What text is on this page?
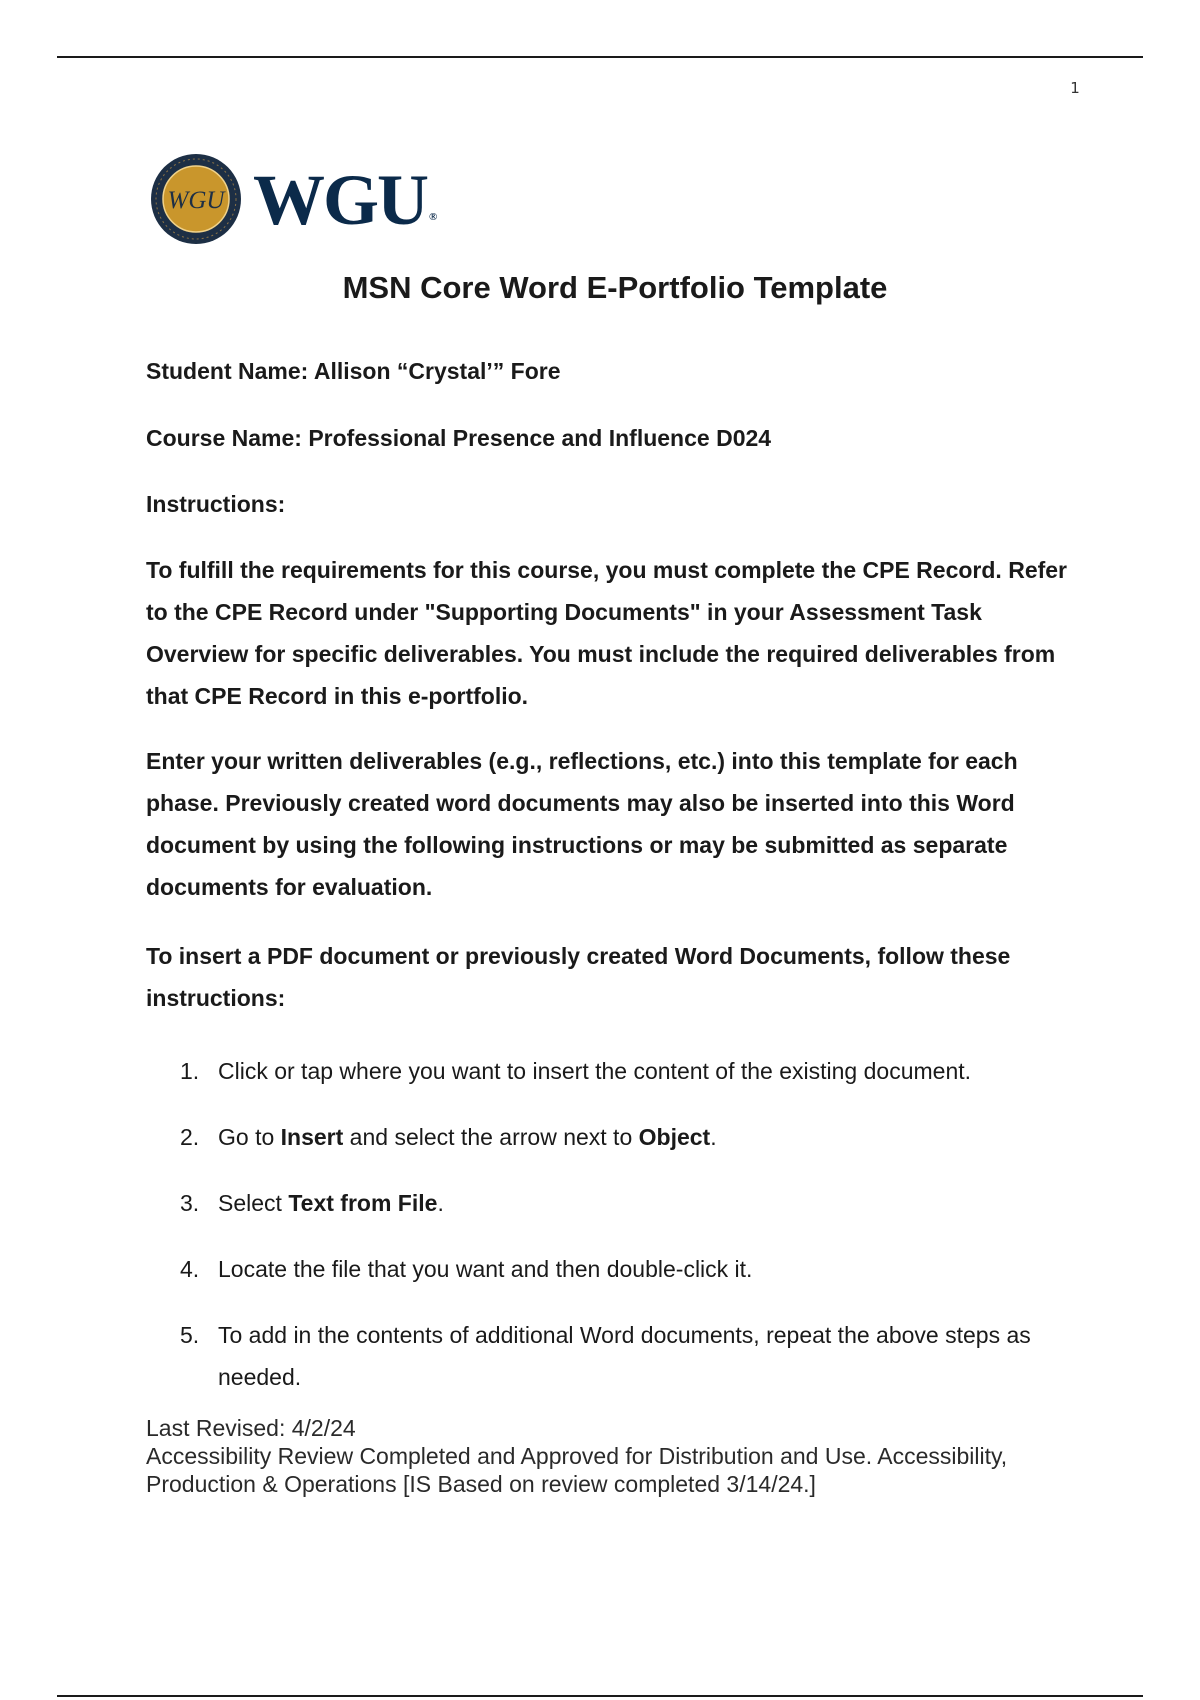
1
WGU WGU ®
MSN Core Word E-Portfolio Template
Student Name: Allison “Crystal’” Fore
Course Name: Professional Presence and Influence D024
Instructions:
To fulfill the requirements for this course, you must complete the CPE Record. Refer to the CPE Record under "Supporting Documents" in your Assessment Task Overview for specific deliverables. You must include the required deliverables from that CPE Record in this e-portfolio.
Enter your written deliverables (e.g., reflections, etc.) into this template for each phase. Previously created word documents may also be inserted into this Word document by using the following instructions or may be submitted as separate documents for evaluation.
To insert a PDF document or previously created Word Documents, follow these instructions:
1. Click or tap where you want to insert the content of the existing document.
2. Go to Insert and select the arrow next to Object.
3. Select Text from File.
4. Locate the file that you want and then double-click it.
5. To add in the contents of additional Word documents, repeat the above steps as needed.
Last Revised: 4/2/24
Accessibility Review Completed and Approved for Distribution and Use. Accessibility, Production & Operations [IS Based on review completed 3/14/24.]
